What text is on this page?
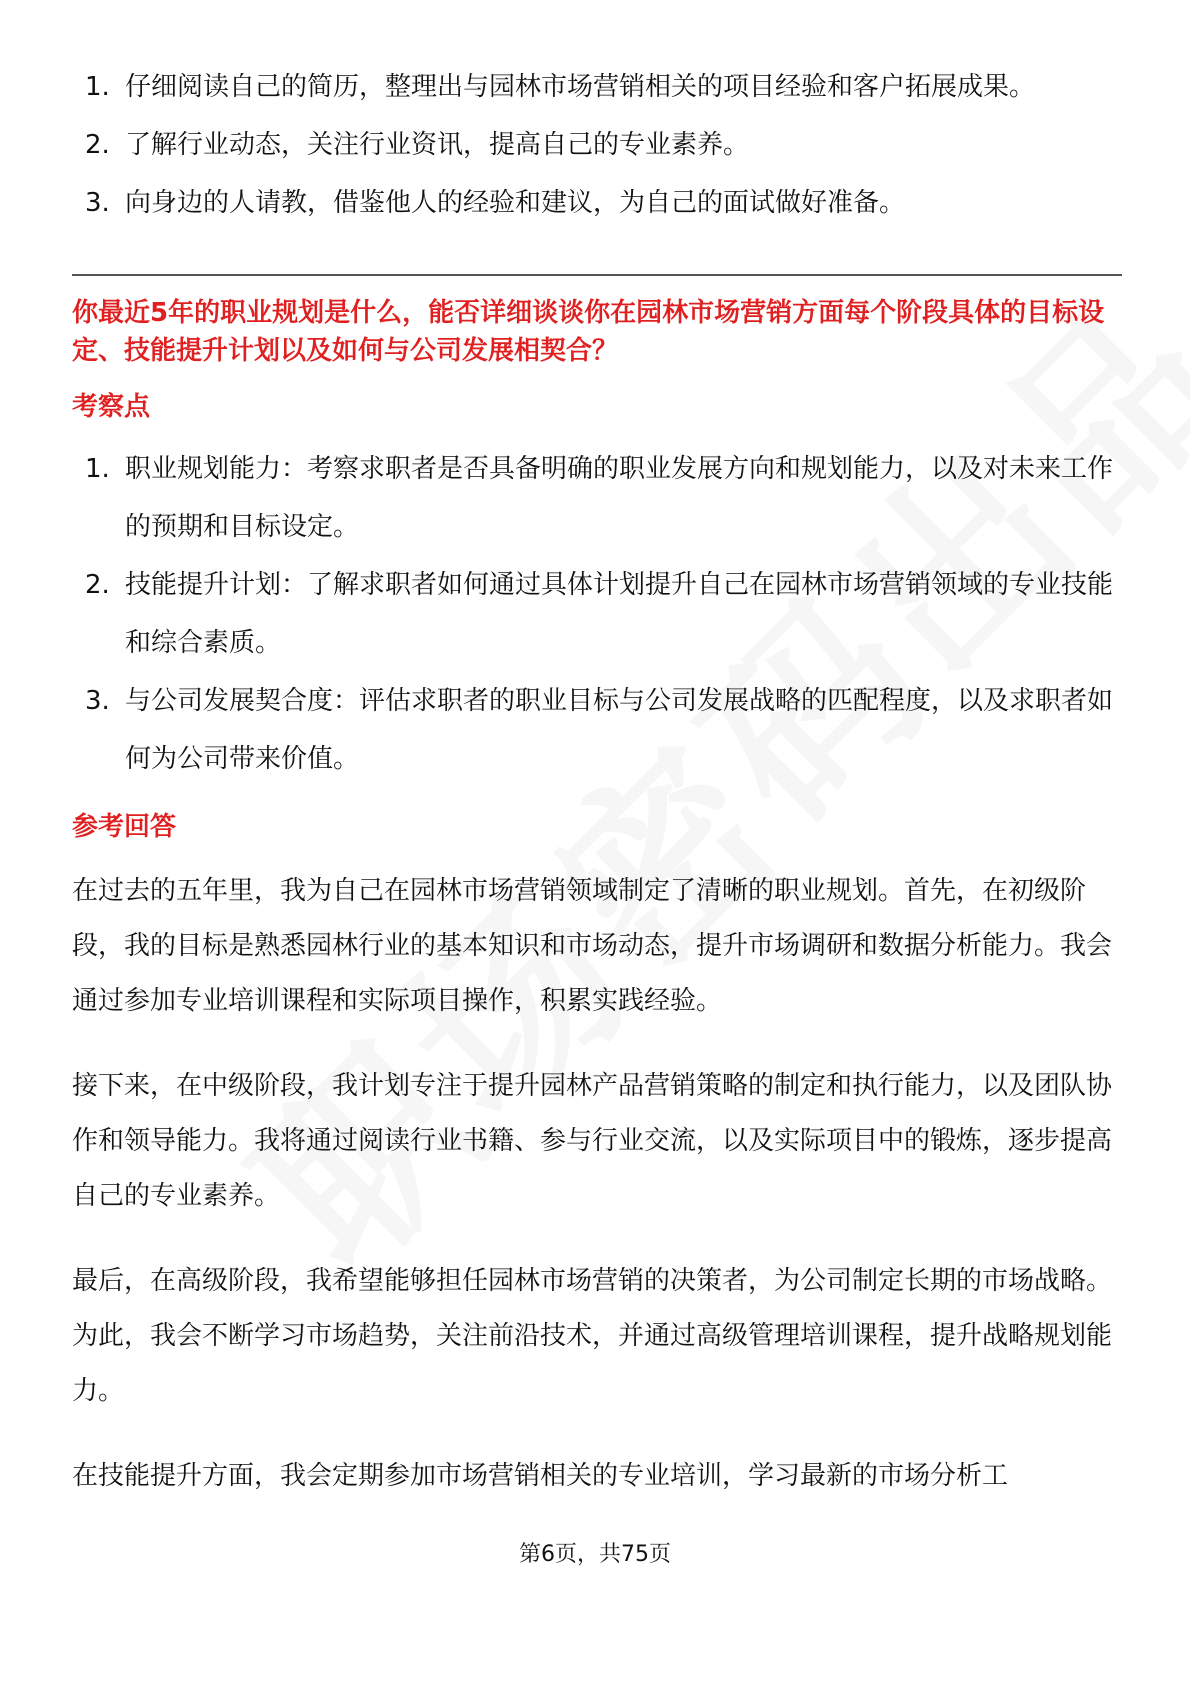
1. 仔细阅读自己的简历，整理出与园林市场营销相关的项目经验和客户拓展成果。
2. 了解行业动态，关注行业资讯，提高自己的专业素养。
3. 向身边的人请教，借鉴他人的经验和建议，为自己的面试做好准备。

你最近5年的职业规划是什么，能否详细谈谈你在园林市场营销方面每个阶段具体的目标设定、技能提升计划以及如何与公司发展相契合？

考察点
1. 职业规划能力：考察求职者是否具备明确的职业发展方向和规划能力，以及对未来工作的预期和目标设定。
2. 技能提升计划：了解求职者如何通过具体计划提升自己在园林市场营销领域的专业技能和综合素质。
3. 与公司发展契合度：评估求职者的职业目标与公司发展战略的匹配程度，以及求职者如何为公司带来价值。
参考回答

在过去的五年里，我为自己在园林市场营销领域制定了清晰的职业规划。首先，在初级阶段，我的目标是熟悉园林行业的基本知识和市场动态，提升市场调研和数据分析能力。我会通过参加专业培训课程和实际项目操作，积累实践经验。

接下来，在中级阶段，我计划专注于提升园林产品营销策略的制定和执行能力，以及团队协作和领导能力。我将通过阅读行业书籍、参与行业交流，以及实际项目中的锻炼，逐步提高自己的专业素养。

最后，在高级阶段，我希望能够担任园林市场营销的决策者，为公司制定长期的市场战略。为此，我会不断学习市场趋势，关注前沿技术，并通过高级管理培训课程，提升战略规划能力。

在技能提升方面，我会定期参加市场营销相关的专业培训，学习最新的市场分析工

第6页，共75页
